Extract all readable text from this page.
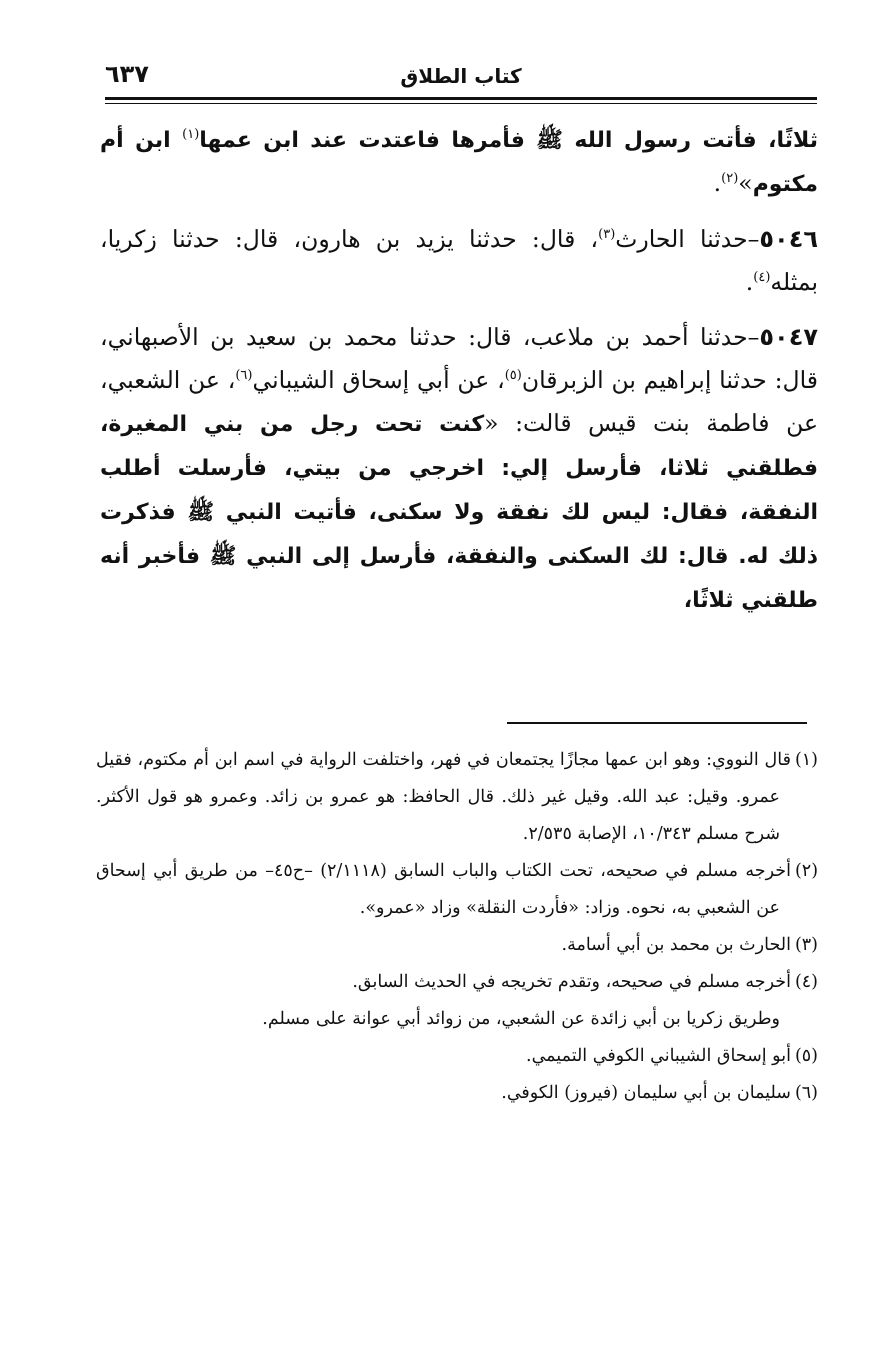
٦٣٧	كتاب الطلاق

ثلاثًا، فأتت رسول الله ﷺ فأمرها فاعتدت عند ابن عمها$^{(١)}$ ابن أم مكتوم»$^{(٢)}$.

٥٠٤٦–حدثنا الحارث$^{(٣)}$، قال: حدثنا يزيد بن هارون، قال: حدثنا زكريا، بمثله$^{(٤)}$.

٥٠٤٧–حدثنا أحمد بن ملاعب، قال: حدثنا محمد بن سعيد بن الأصبهاني، قال: حدثنا إبراهيم بن الزبرقان$^{(٥)}$، عن أبي إسحاق الشيباني$^{(٦)}$، عن الشعبي، عن فاطمة بنت قيس قالت: «كنت تحت رجل من بني المغيرة، فطلقني ثلاثا، فأرسل إلي: اخرجي من بيتي، فأرسلت أطلب النفقة، فقال: ليس لك نفقة ولا سكنى، فأتيت النبي ﷺ فذكرت ذلك له. قال: لك السكنى والنفقة، فأرسل إلى النبي ﷺ فأخبر أنه طلقني ثلاثًا،

(١)قال النووي: وهو ابن عمها مجازًا يجتمعان في فهر، واختلفت الرواية في اسم ابن أم مكتوم، فقيل عمرو. وقيل: عبد الله. وقيل غير ذلك. قال الحافظ: هو عمرو بن زائد. وعمرو هو قول الأكثر. شرح مسلم ١٠/٣٤٣، الإصابة ٢/٥٣٥.

(٢)أخرجه مسلم في صحيحه، تحت الكتاب والباب السابق (٢/١١١٨) –ح٤٥– من طريق أبي إسحاق عن الشعبي به، نحوه. وزاد: «فأردت النقلة» وزاد «عمرو».

(٣)الحارث بن محمد بن أبي أسامة.

(٤)أخرجه مسلم في صحيحه، وتقدم تخريجه في الحديث السابق.

وطريق زكريا بن أبي زائدة عن الشعبي، من زوائد أبي عوانة على مسلم.

(٥)أبو إسحاق الشيباني الكوفي التميمي.

(٦)سليمان بن أبي سليمان (فيروز) الكوفي.
